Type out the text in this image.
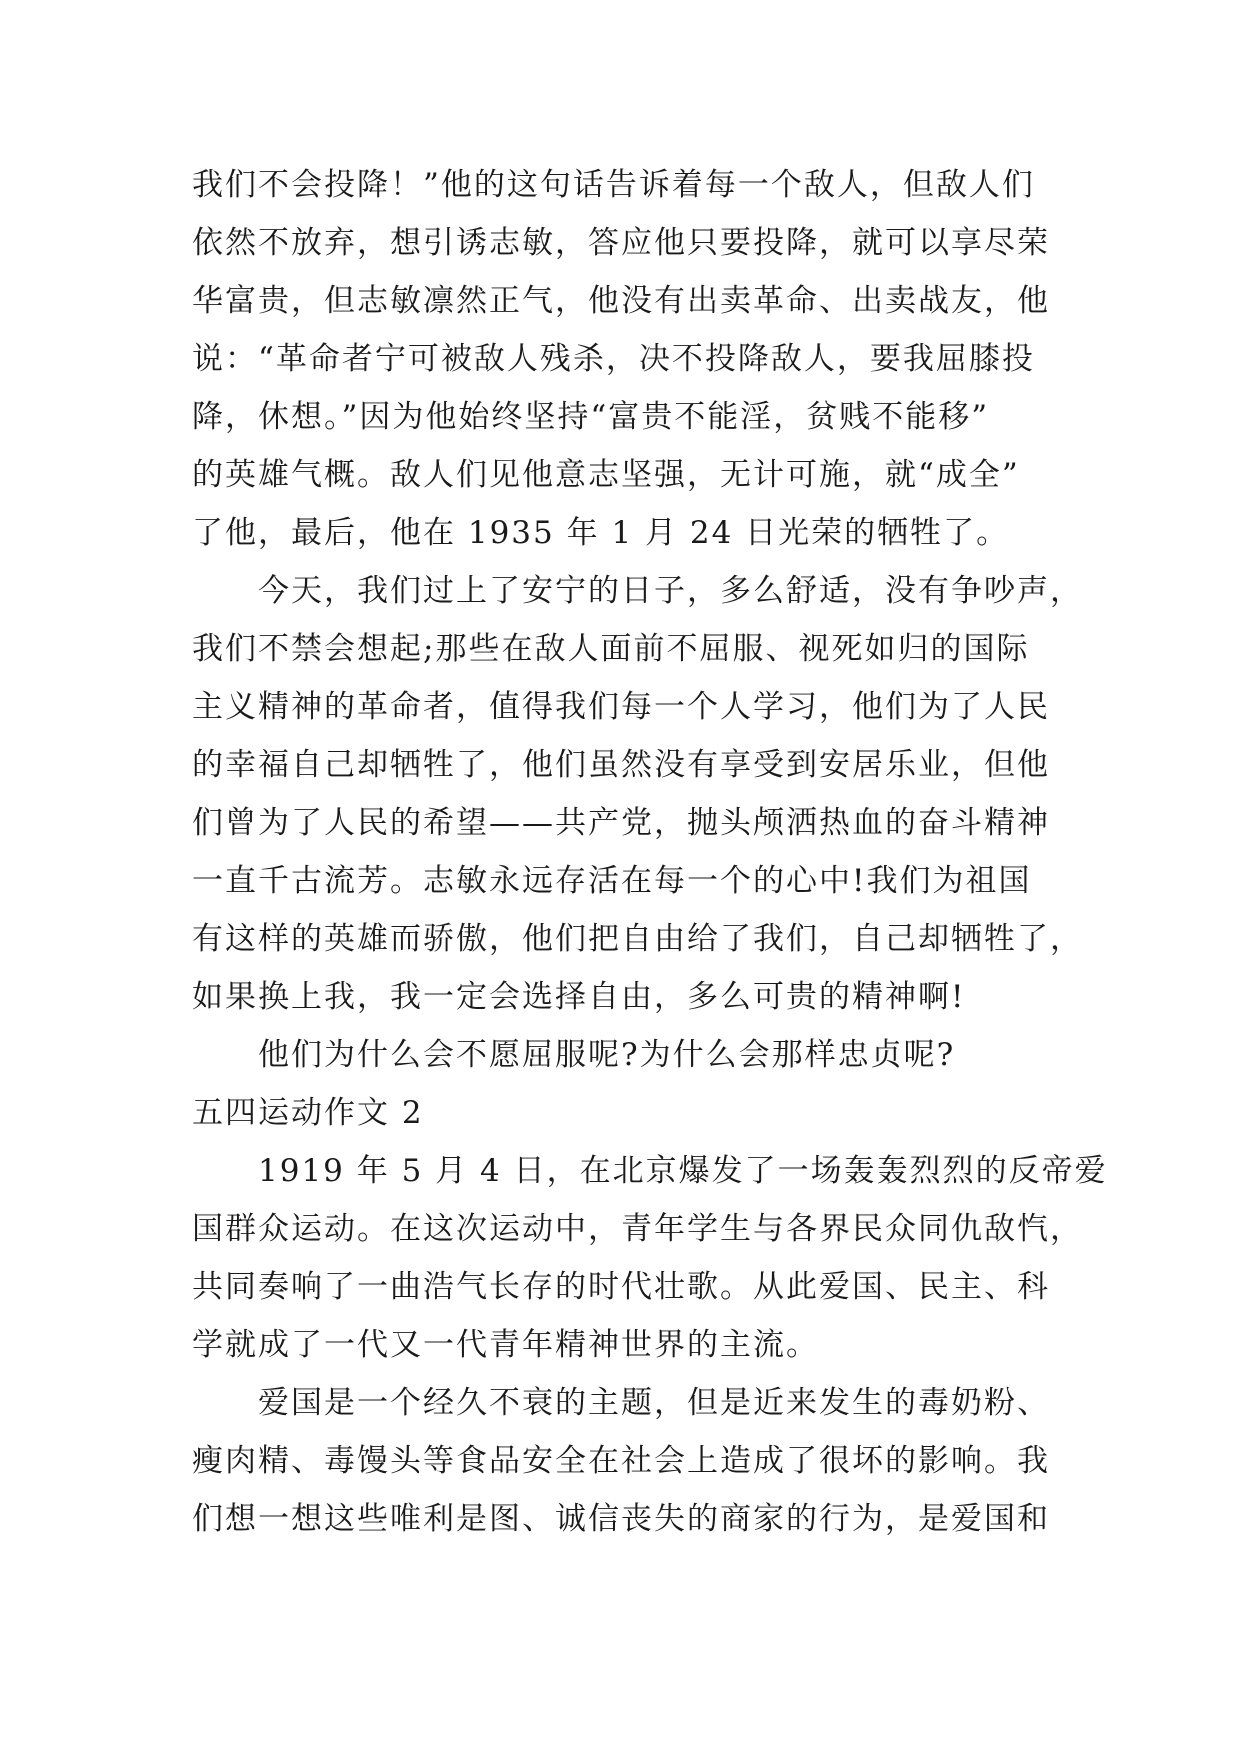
我们不会投降！”他的这句话告诉着每一个敌人，但敌人们
依然不放弃，想引诱志敏，答应他只要投降，就可以享尽荣
华富贵，但志敏凛然正气，他没有出卖革命、出卖战友，他
说：“革命者宁可被敌人残杀，决不投降敌人，要我屈膝投
降，休想。”因为他始终坚持“富贵不能淫，贫贱不能移”
的英雄气概。敌人们见他意志坚强，无计可施，就“成全”
了他，最后，他在 1935 年 1 月 24 日光荣的牺牲了。
　　今天，我们过上了安宁的日子，多么舒适，没有争吵声，
我们不禁会想起;那些在敌人面前不屈服、视死如归的国际
主义精神的革命者，值得我们每一个人学习，他们为了人民
的幸福自己却牺牲了，他们虽然没有享受到安居乐业，但他
们曾为了人民的希望——共产党，抛头颅洒热血的奋斗精神
一直千古流芳。志敏永远存活在每一个的心中!我们为祖国
有这样的英雄而骄傲，他们把自由给了我们，自己却牺牲了，
如果换上我，我一定会选择自由，多么可贵的精神啊!
　　他们为什么会不愿屈服呢?为什么会那样忠贞呢?
五四运动作文 2
　　1919 年 5 月 4 日，在北京爆发了一场轰轰烈烈的反帝爱
国群众运动。在这次运动中，青年学生与各界民众同仇敌忾，
共同奏响了一曲浩气长存的时代壮歌。从此爱国、民主、科
学就成了一代又一代青年精神世界的主流。
　　爱国是一个经久不衰的主题，但是近来发生的毒奶粉、
瘦肉精、毒馒头等食品安全在社会上造成了很坏的影响。我
们想一想这些唯利是图、诚信丧失的商家的行为，是爱国和
